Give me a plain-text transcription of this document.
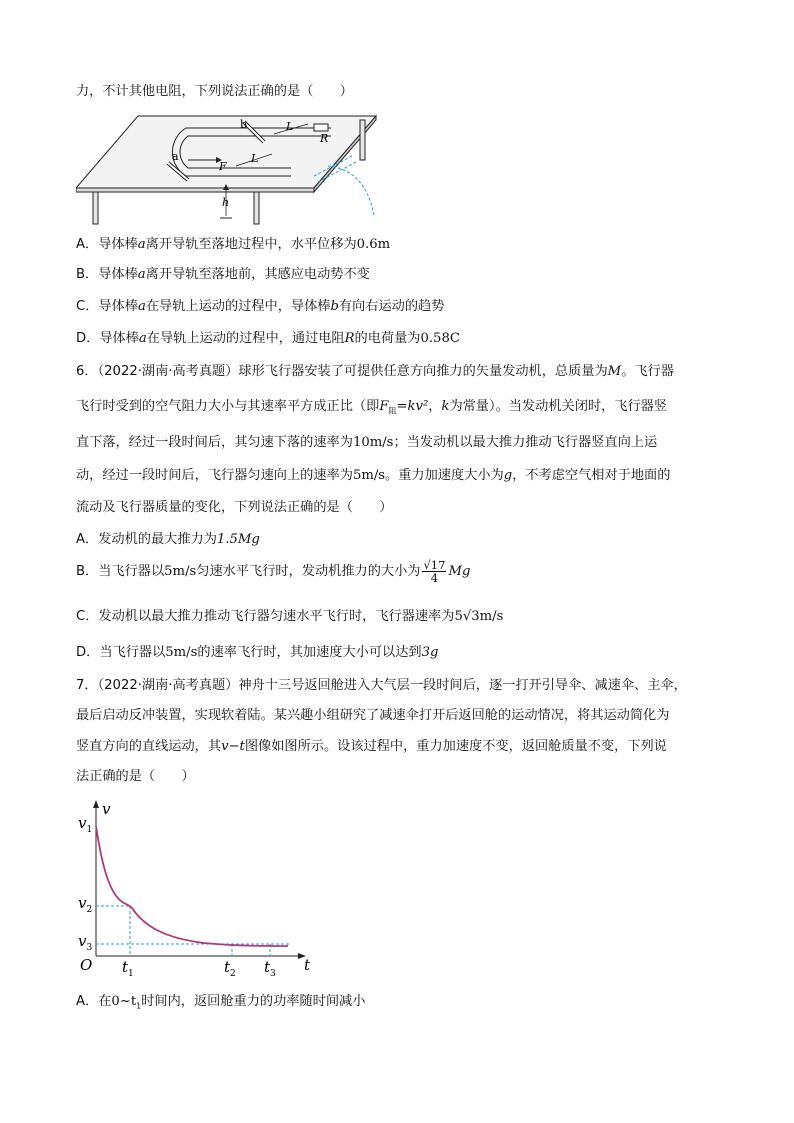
力，不计其他电阻，下列说法正确的是（　　）
b
a
R
L
L
F
h
A．导体棒a离开导轨至落地过程中，水平位移为0.6m
B．导体棒a离开导轨至落地前，其感应电动势不变
C．导体棒a在导轨上运动的过程中，导体棒b有向右运动的趋势
D．导体棒a在导轨上运动的过程中，通过电阻R的电荷量为0.58C
6．（2022·湖南·高考真题）球形飞行器安装了可提供任意方向推力的矢量发动机，总质量为M。飞行器
飞行时受到的空气阻力大小与其速率平方成正比（即$F_阻=kv^2$，k为常量）。当发动机关闭时，飞行器竖
直下落，经过一段时间后，其匀速下落的速率为10m/s；当发动机以最大推力推动飞行器竖直向上运
动，经过一段时间后，飞行器匀速向上的速率为5m/s。重力加速度大小为g，不考虑空气相对于地面的
流动及飞行器质量的变化，下列说法正确的是（　　）
A．发动机的最大推力为1.5Mg
B．当飞行器以5m/s匀速水平飞行时，发动机推力的大小为 $\frac{√17}{4}$ Mg
C．发动机以最大推力推动飞行器匀速水平飞行时，飞行器速率为5√3m/s
D．当飞行器以5m/s的速率飞行时，其加速度大小可以达到3g
7．（2022·湖南·高考真题）神舟十三号返回舱进入大气层一段时间后，逐一打开引导伞、减速伞、主伞，
最后启动反冲装置，实现软着陆。某兴趣小组研究了减速伞打开后返回舱的运动情况，将其运动简化为
竖直方向的直线运动，其v−t图像如图所示。设该过程中，重力加速度不变，返回舱质量不变，下列说
法正确的是（　　）
v
t
O
$v_1$
$v_2$
$v_3$
$t_1$	$t_2$ $t_3$
A．在$0\sim t_1$时间内，返回舱重力的功率随时间减小
